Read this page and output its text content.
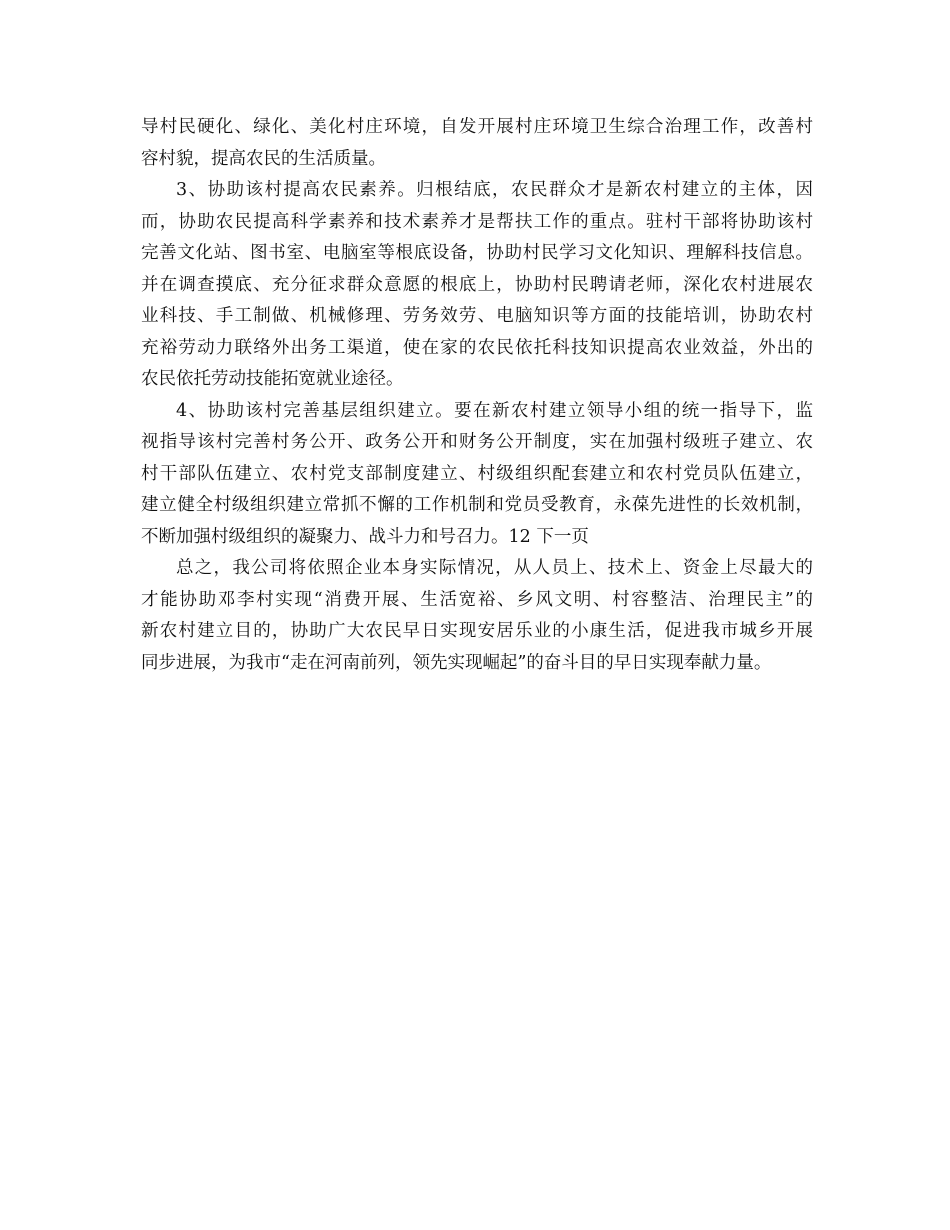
导村民硬化、绿化、美化村庄环境，自发开展村庄环境卫生综合治理工作，改善村
容村貌，提高农民的生活质量。

3、协助该村提高农民素养。归根结底，农民群众才是新农村建立的主体，因
而，协助农民提高科学素养和技术素养才是帮扶工作的重点。驻村干部将协助该村
完善文化站、图书室、电脑室等根底设备，协助村民学习文化知识、理解科技信息。
并在调查摸底、充分征求群众意愿的根底上，协助村民聘请老师，深化农村进展农
业科技、手工制做、机械修理、劳务效劳、电脑知识等方面的技能培训，协助农村
充裕劳动力联络外出务工渠道，使在家的农民依托科技知识提高农业效益，外出的
农民依托劳动技能拓宽就业途径。

4、协助该村完善基层组织建立。要在新农村建立领导小组的统一指导下，监
视指导该村完善村务公开、政务公开和财务公开制度，实在加强村级班子建立、农
村干部队伍建立、农村党支部制度建立、村级组织配套建立和农村党员队伍建立，
建立健全村级组织建立常抓不懈的工作机制和党员受教育，永葆先进性的长效机制，
不断加强村级组织的凝聚力、战斗力和号召力。12 下一页

总之，我公司将依照企业本身实际情况，从人员上、技术上、资金上尽最大的
才能协助邓李村实现“消费开展、生活宽裕、乡风文明、村容整洁、治理民主”的
新农村建立目的，协助广大农民早日实现安居乐业的小康生活，促进我市城乡开展
同步进展，为我市“走在河南前列，领先实现崛起”的奋斗目的早日实现奉献力量。
